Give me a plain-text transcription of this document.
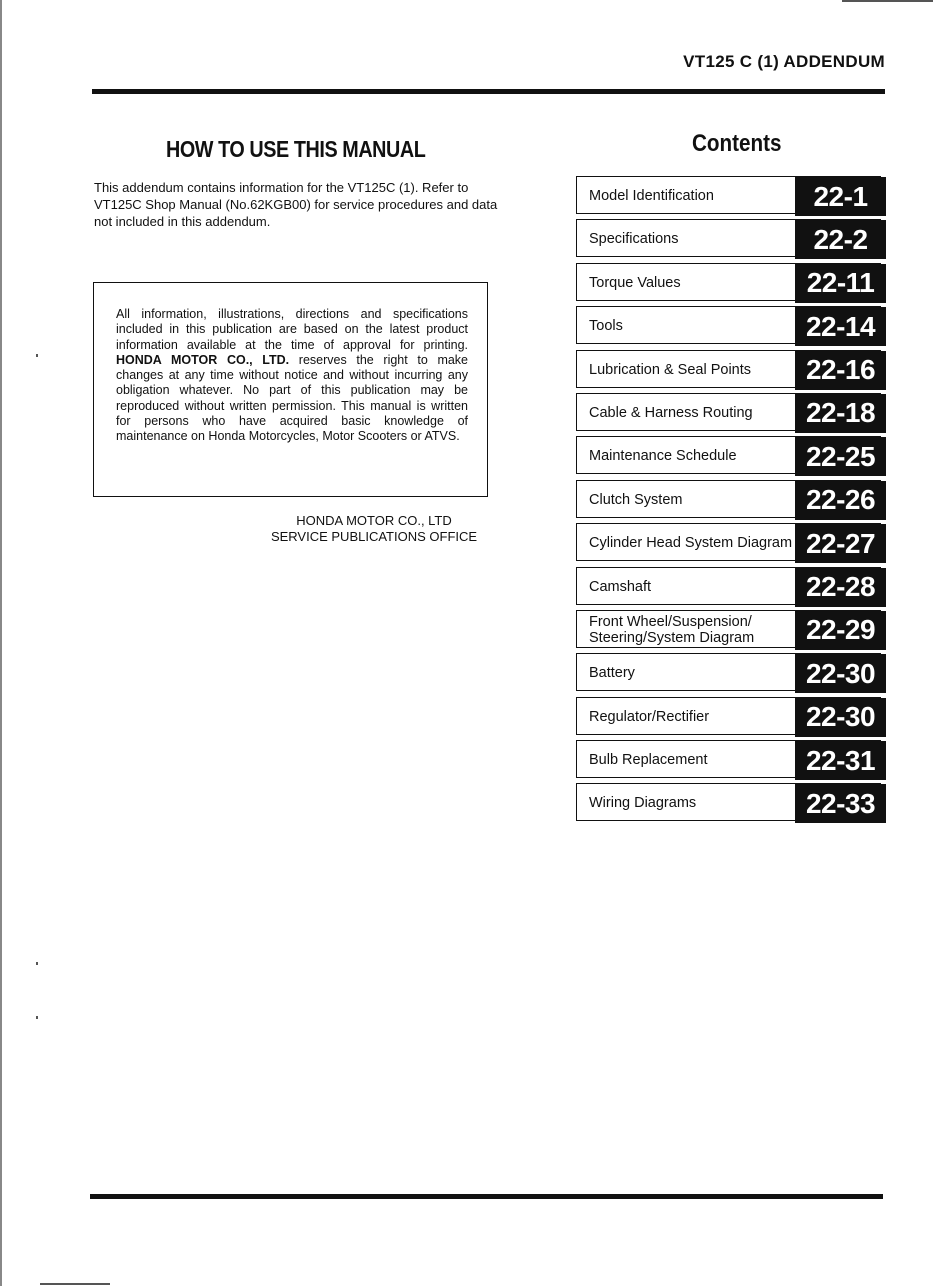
VT125 C (1) ADDENDUM
HOW TO USE THIS MANUAL
This addendum contains information for the VT125C (1). Refer to VT125C Shop Manual (No.62KGB00) for service procedures and data not included in this addendum.
All information, illustrations, directions and specifications included in this publication are based on the latest product information available at the time of approval for printing. HONDA MOTOR CO., LTD. reserves the right to make changes at any time without notice and without incurring any obligation whatever. No part of this publication may be reproduced without written permission. This manual is written for persons who have acquired basic knowledge of maintenance on Honda Motorcycles, Motor Scooters or ATVS.
HONDA MOTOR CO., LTD
SERVICE PUBLICATIONS OFFICE
Contents
Model Identification	22-1
Specifications	22-2
Torque Values	22-11
Tools	22-14
Lubrication & Seal Points	22-16
Cable & Harness Routing	22-18
Maintenance Schedule	22-25
Clutch System	22-26
Cylinder Head System Diagram 22-27
Camshaft	22-28
Front Wheel/Suspension/ Steering/System Diagram	22-29
Battery	22-30
Regulator/Rectifier	22-30
Bulb Replacement	22-31
Wiring Diagrams	22-33
